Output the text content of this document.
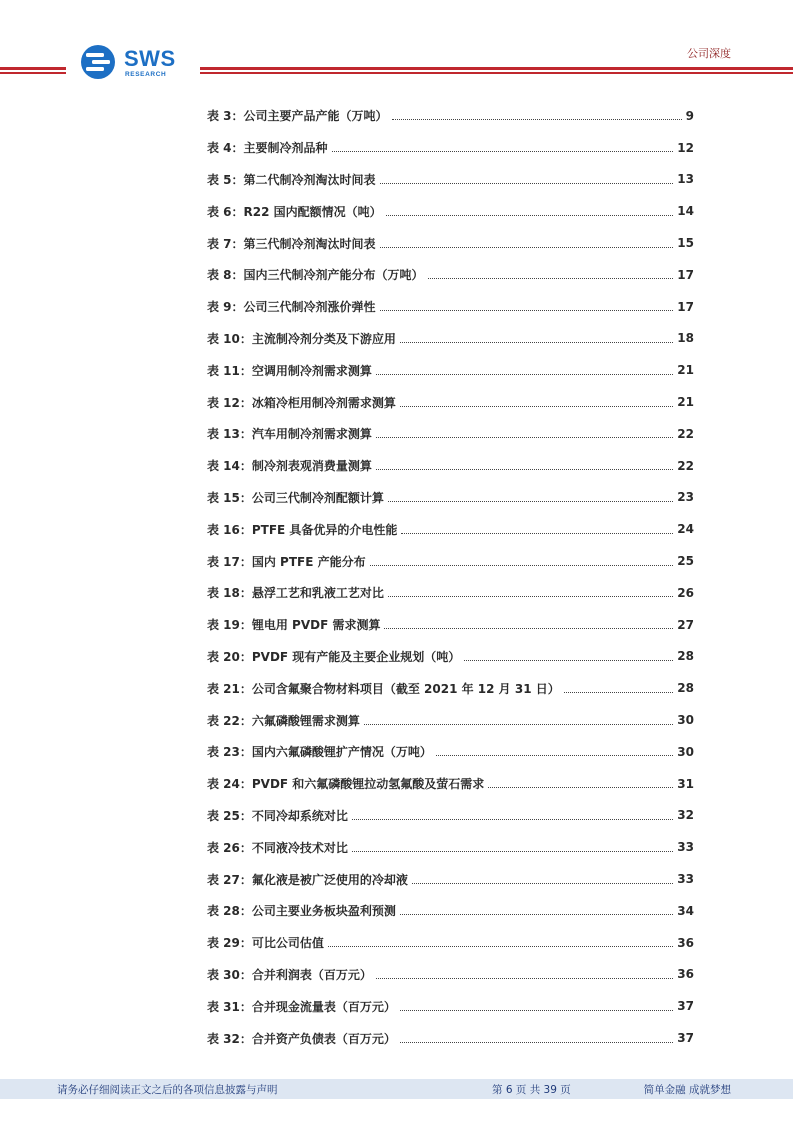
SWS
RESEARCH
公司深度
表 3：公司主要产品产能（万吨）	9
表 4：主要制冷剂品种	12
表 5：第二代制冷剂淘汰时间表	13
表 6：R22 国内配额情况（吨）	14
表 7：第三代制冷剂淘汰时间表	15
表 8：国内三代制冷剂产能分布（万吨）	17
表 9：公司三代制冷剂涨价弹性	17
表 10：主流制冷剂分类及下游应用	18
表 11：空调用制冷剂需求测算	21
表 12：冰箱冷柜用制冷剂需求测算	21
表 13：汽车用制冷剂需求测算	22
表 14：制冷剂表观消费量测算	22
表 15：公司三代制冷剂配额计算	23
表 16：PTFE 具备优异的介电性能	24
表 17：国内 PTFE 产能分布	25
表 18：悬浮工艺和乳液工艺对比	26
表 19：锂电用 PVDF 需求测算	27
表 20：PVDF 现有产能及主要企业规划（吨）	28
表 21：公司含氟聚合物材料项目（截至 2021 年 12 月 31 日）	28
表 22：六氟磷酸锂需求测算	30
表 23：国内六氟磷酸锂扩产情况（万吨）	30
表 24：PVDF 和六氟磷酸锂拉动氢氟酸及萤石需求	31
表 25：不同冷却系统对比	32
表 26：不同液冷技术对比	33
表 27：氟化液是被广泛使用的冷却液	33
表 28：公司主要业务板块盈利预测	34
表 29：可比公司估值	36
表 30：合并利润表（百万元）	36
表 31：合并现金流量表（百万元）	37
表 32：合并资产负债表（百万元）	37
请务必仔细阅读正文之后的各项信息披露与声明	第 6 页 共 39 页	简单金融 成就梦想
